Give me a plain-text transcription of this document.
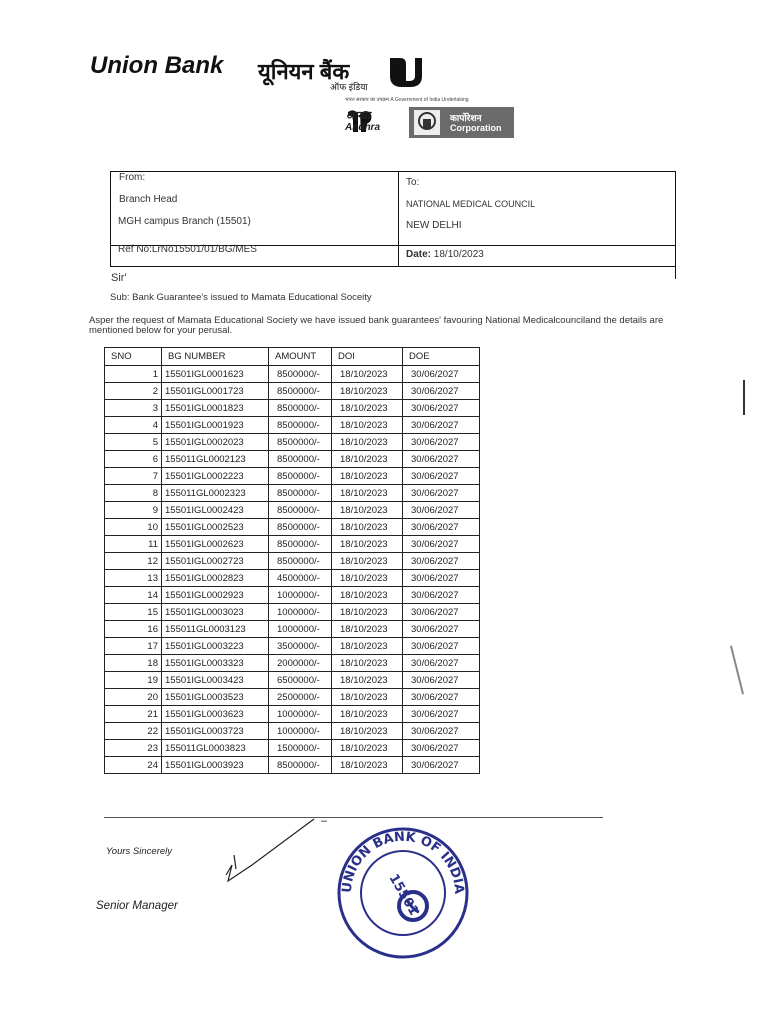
Union Bank यूनियन बैंक
ऑफ इंडिया
भारत सरकार का उपक्रम A Government of India Undertaking
आन्ध्रा
Andhra
कार्पोरेशन
Corporation
From:
Branch Head
MGH campus Branch (15501)
Ref No:LrNo15501/01/BG/MES
To:
NATIONAL MEDICAL COUNCIL
NEW DELHI
Date: 18/10/2023
Sir'
Sub: Bank Guarantee's issued to Mamata Educational Soceity
Asper the request of Mamata Educational Society we have issued bank guarantees' favouring National Medicalcounciland the details are mentioned below for your perusal.
SNO	BG NUMBER	AMOUNT	DOI	DOE
1	15501IGL0001623	8500000/-	18/10/2023	30/06/2027
2	15501IGL0001723	8500000/-	18/10/2023	30/06/2027
3	15501IGL0001823	8500000/-	18/10/2023	30/06/2027
4	15501IGL0001923	8500000/-	18/10/2023	30/06/2027
5	15501IGL0002023	8500000/-	18/10/2023	30/06/2027
6	155011GL0002123	8500000/-	18/10/2023	30/06/2027
7	15501IGL0002223	8500000/-	18/10/2023	30/06/2027
8	155011GL0002323	8500000/-	18/10/2023	30/06/2027
9	15501IGL0002423	8500000/-	18/10/2023	30/06/2027
10	15501IGL0002523	8500000/-	18/10/2023	30/06/2027
11	15501IGL0002623	8500000/-	18/10/2023	30/06/2027
12	15501IGL0002723	8500000/-	18/10/2023	30/06/2027
13	15501IGL0002823	4500000/-	18/10/2023	30/06/2027
14	15501IGL0002923	1000000/-	18/10/2023	30/06/2027
15	15501IGL0003023	1000000/-	18/10/2023	30/06/2027
16	155011GL0003123	1000000/-	18/10/2023	30/06/2027
17	15501IGL0003223	3500000/-	18/10/2023	30/06/2027
18	15501IGL0003323	2000000/-	18/10/2023	30/06/2027
19	15501IGL0003423	6500000/-	18/10/2023	30/06/2027
20	15501IGL0003523	2500000/-	18/10/2023	30/06/2027
21	15501IGL0003623	1000000/-	18/10/2023	30/06/2027
22	15501IGL0003723	1000000/-	18/10/2023	30/06/2027
23	155011GL0003823	1500000/-	18/10/2023	30/06/2027
24	15501IGL0003923	8500000/-	18/10/2023	30/06/2027
–
Yours Sincerely
Senior Manager
UNION BANK OF INDIA
15501
